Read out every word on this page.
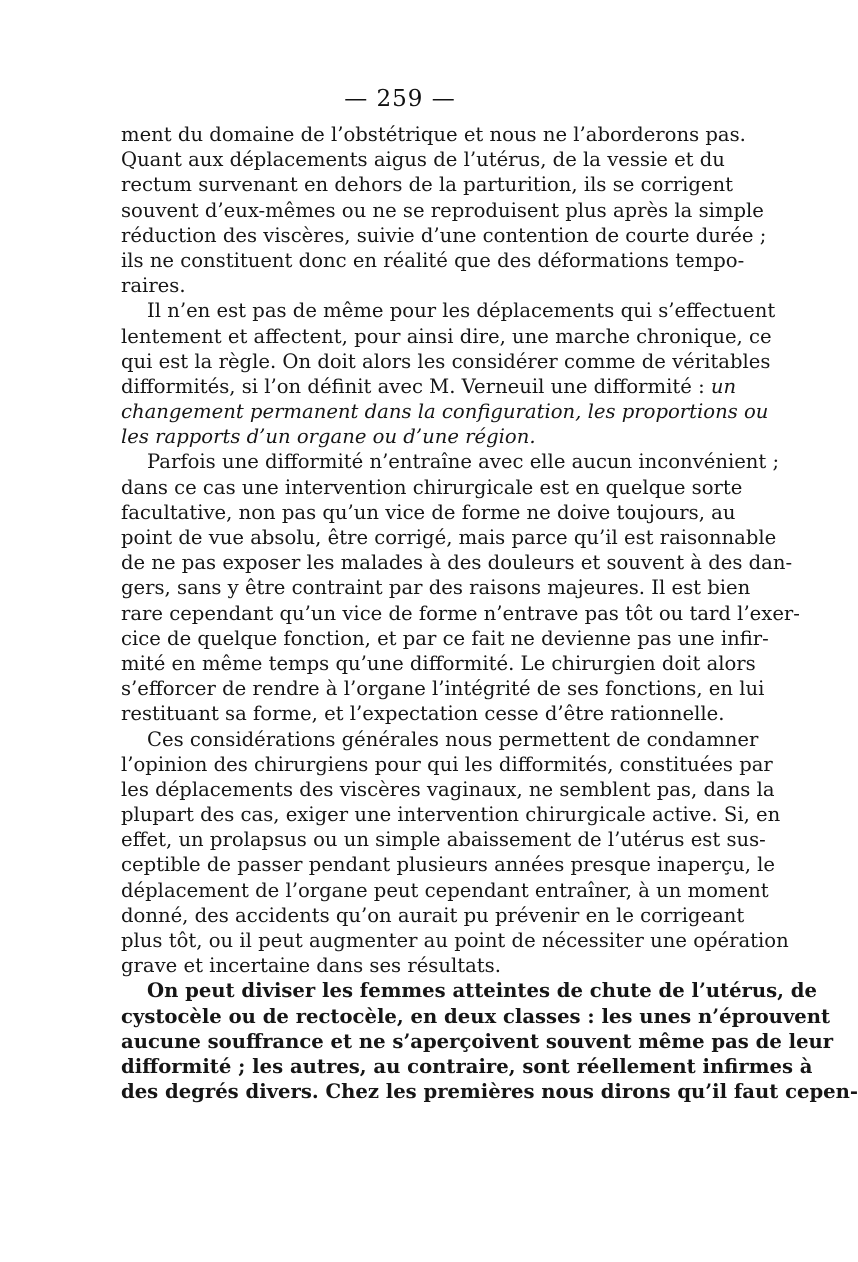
— 259 —
ment du domaine de l’obstétrique et nous ne l’aborderons pas.
Quant aux déplacements aigus de l’utérus, de la vessie et du
rectum survenant en dehors de la parturition, ils se corrigent
souvent d’eux-mêmes ou ne se reproduisent plus après la simple
réduction des viscères, suivie d’une contention de courte durée ;
ils ne constituent donc en réalité que des déformations tempo-
raires.
Il n’en est pas de même pour les déplacements qui s’effectuent
lentement et affectent, pour ainsi dire, une marche chronique, ce
qui est la règle. On doit alors les considérer comme de véritables
difformités, si l’on définit avec M. Verneuil une difformité : un
changement permanent dans la configuration, les proportions ou
les rapports d’un organe ou d’une région.
Parfois une difformité n’entraîne avec elle aucun inconvénient ;
dans ce cas une intervention chirurgicale est en quelque sorte
facultative, non pas qu’un vice de forme ne doive toujours, au
point de vue absolu, être corrigé, mais parce qu’il est raisonnable
de ne pas exposer les malades à des douleurs et souvent à des dan-
gers, sans y être contraint par des raisons majeures. Il est bien
rare cependant qu’un vice de forme n’entrave pas tôt ou tard l’exer-
cice de quelque fonction, et par ce fait ne devienne pas une infir-
mité en même temps qu’une difformité. Le chirurgien doit alors
s’efforcer de rendre à l’organe l’intégrité de ses fonctions, en lui
restituant sa forme, et l’expectation cesse d’être rationnelle.
Ces considérations générales nous permettent de condamner
l’opinion des chirurgiens pour qui les difformités, constituées par
les déplacements des viscères vaginaux, ne semblent pas, dans la
plupart des cas, exiger une intervention chirurgicale active. Si, en
effet, un prolapsus ou un simple abaissement de l’utérus est sus-
ceptible de passer pendant plusieurs années presque inaperçu, le
déplacement de l’organe peut cependant entraîner, à un moment
donné, des accidents qu’on aurait pu prévenir en le corrigeant
plus tôt, ou il peut augmenter au point de nécessiter une opération
grave et incertaine dans ses résultats.
On peut diviser les femmes atteintes de chute de l’utérus, de
cystocèle ou de rectocèle, en deux classes : les unes n’éprouvent
aucune souffrance et ne s’aperçoivent souvent même pas de leur
difformité ; les autres, au contraire, sont réellement infirmes à
des degrés divers. Chez les premières nous dirons qu’il faut cepen-
